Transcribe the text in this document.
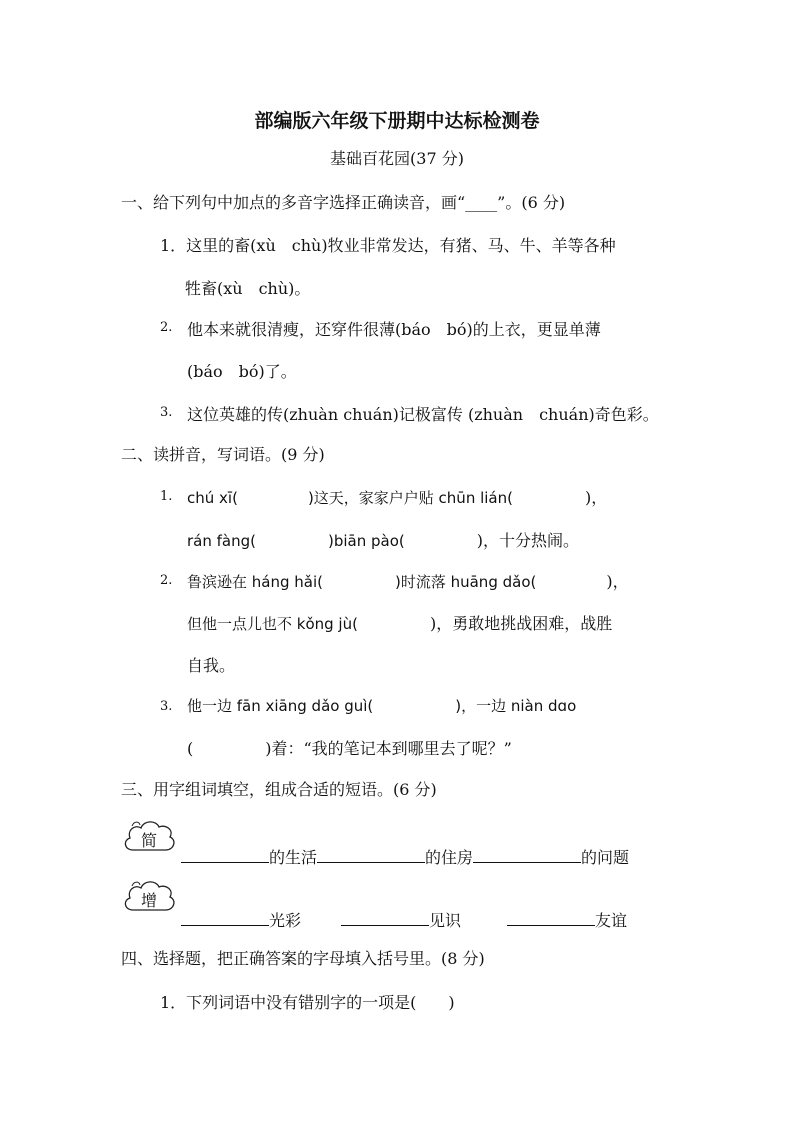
部编版六年级下册期中达标检测卷
基础百花园(37 分)
一、给下列句中加点的多音字选择正确读音，画“____”。(6 分)
1．这里的畜(xù　chù)牧业非常发达，有猪、马、牛、羊等各种
牲畜(xù　chù)。
2. 他本来就很清瘦，还穿件很薄(báo　bó)的上衣，更显单薄
(báo　bó)了。
3. 这位英雄的传(zhuàn chuán)记极富传 (zhuàn　chuán)奇色彩。
二、读拼音，写词语。(9 分)
1. chú xī(	)这天，家家户户贴 chūn lián(	)，
rán fàng(	)biān pào(	)，十分热闹。
2. 鲁滨逊在 háng hǎi(	)时流落 huāng dǎo(	)，
但他一点儿也不 kǒng jù(	)，勇敢地挑战困难，战胜
自我。
3. 他一边 fān xiāng dǎo guì(	)，一边 niàn dɑo
(	)着：“我的笔记本到哪里去了呢？”
三、用字组词填空，组成合适的短语。(6 分)
简
的生活	的住房	的问题
增
光彩	见识	友谊
四、选择题，把正确答案的字母填入括号里。(8 分)
1．下列词语中没有错别字的一项是(　　)
